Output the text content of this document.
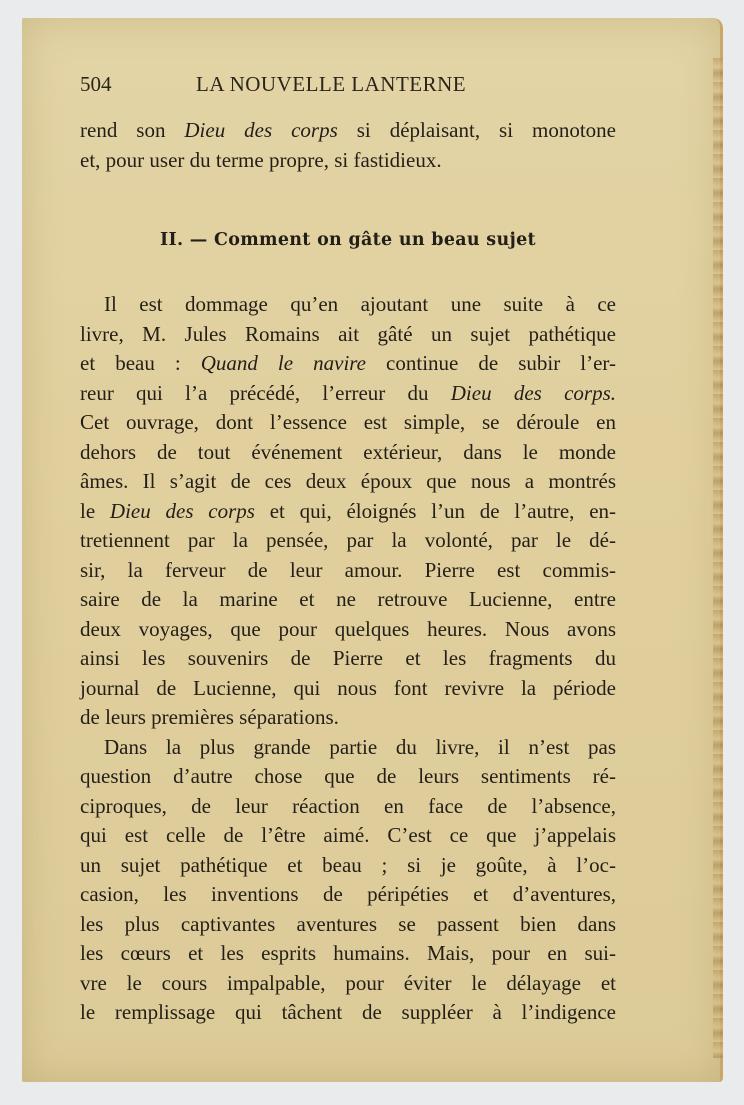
504	LA NOUVELLE LANTERNE
rend son Dieu des corps si déplaisant, si monotone
et, pour user du terme propre, si fastidieux.
II. — Comment on gâte un beau sujet
Il est dommage qu’en ajoutant une suite à ce
livre, M. Jules Romains ait gâté un sujet pathétique
et beau : Quand le navire continue de subir l’er-
reur qui l’a précédé, l’erreur du Dieu des corps.
Cet ouvrage, dont l’essence est simple, se déroule en
dehors de tout événement extérieur, dans le monde
âmes. Il s’agit de ces deux époux que nous a montrés
le Dieu des corps et qui, éloignés l’un de l’autre, en-
tretiennent par la pensée, par la volonté, par le dé-
sir, la ferveur de leur amour. Pierre est commis-
saire de la marine et ne retrouve Lucienne, entre
deux voyages, que pour quelques heures. Nous avons
ainsi les souvenirs de Pierre et les fragments du
journal de Lucienne, qui nous font revivre la période
de leurs premières séparations.
Dans la plus grande partie du livre, il n’est pas
question d’autre chose que de leurs sentiments ré-
ciproques, de leur réaction en face de l’absence,
qui est celle de l’être aimé. C’est ce que j’appelais
un sujet pathétique et beau ; si je goûte, à l’oc-
casion, les inventions de péripéties et d’aventures,
les plus captivantes aventures se passent bien dans
les cœurs et les esprits humains. Mais, pour en sui-
vre le cours impalpable, pour éviter le délayage et
le remplissage qui tâchent de suppléer à l’indigence
